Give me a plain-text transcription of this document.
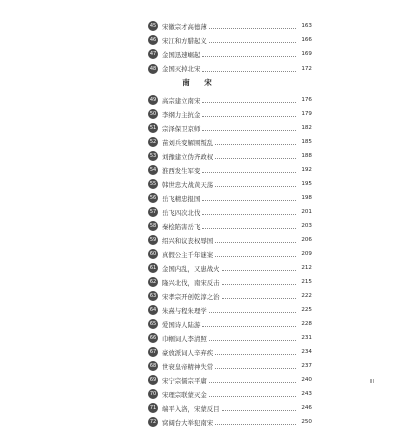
45 宋徽宗才高德薄	163
46 宋江和方腊起义	166
47 金国迅速崛起	169
48 金国灭掉北宋	172
南 宋
49 高宗建立南宋	176
50 李纲力主抗金	179
51 宗泽保卫京师	182
52 苗刘兵变解围叛乱	185
53 刘豫建立伪齐政权	188
54 淮西发生军变	192
55 韩世忠大战黄天荡	195
56 岳飞精忠报国	198
57 岳飞四次北伐	201
58 秦桧陷害岳飞	203
59 绍兴和议丧权辱国	206
60 真假公主千年谜案	209
61 金国内乱，又患战火	212
62 隆兴北伐，南宋反击	215
63 宋孝宗开创乾淳之治	222
64 朱熹与程朱理学	225
65 爱国诗人陆游	228
66 巾帼词人李清照	231
67 豪放派词人辛弃疾	234
68 世衰皇帝精神失常	237
69 宋宁宗儒宗平庸	240
70 宋理宗联蒙灭金	243
71 端平入洛，宋蒙反目	246
72 窝阔台大举犯南宋	250
III
